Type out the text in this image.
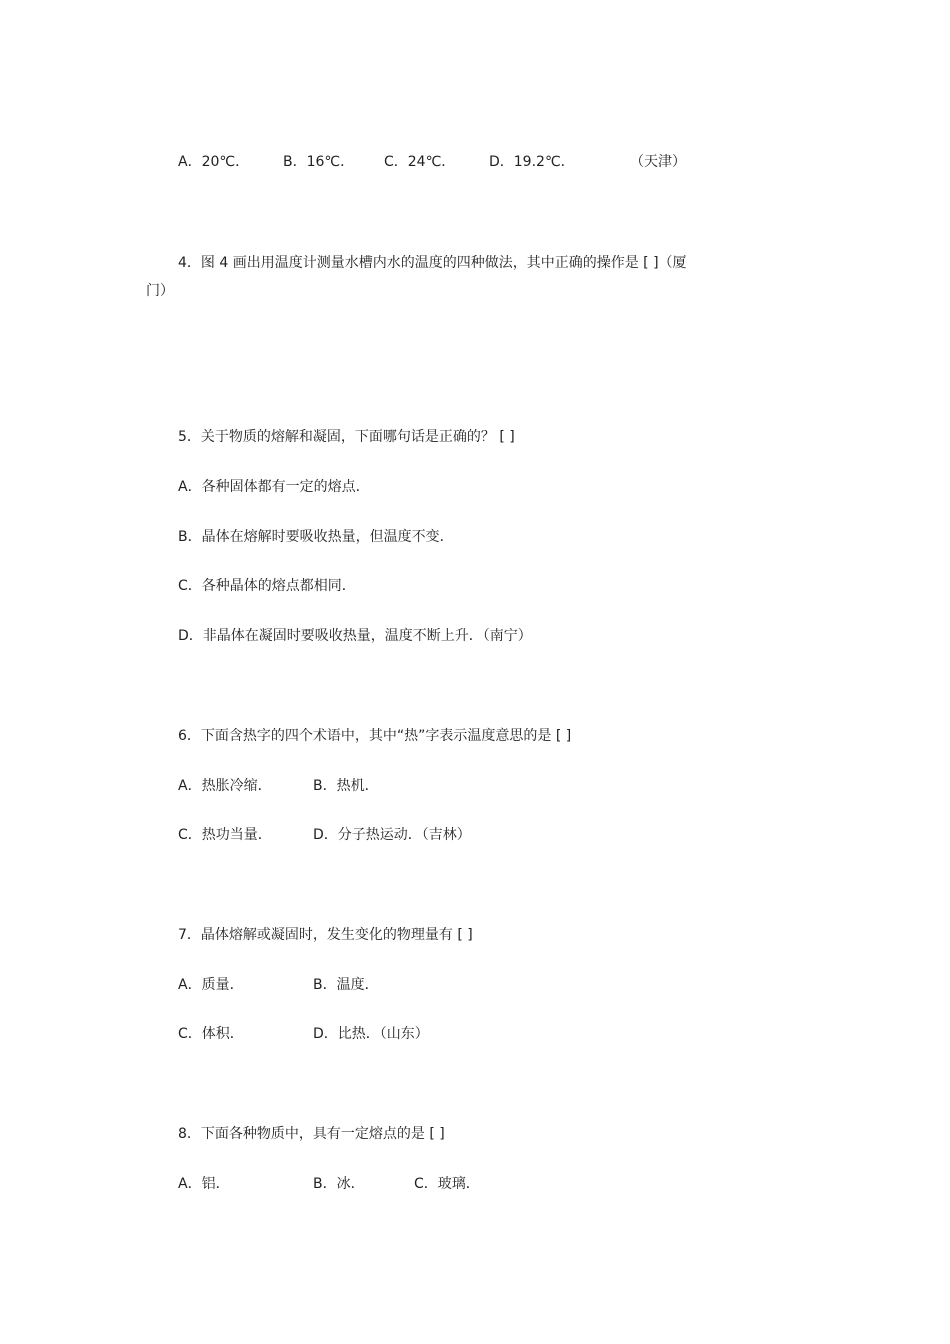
A．20℃． B．16℃． C．24℃． D．19.2℃．	（天津）
4．图 4 画出用温度计测量水槽内水的温度的四种做法，其中正确的操作是 [ ]（厦
门）
5．关于物质的熔解和凝固，下面哪句话是正确的？ [ ]
A．各种固体都有一定的熔点．
B．晶体在熔解时要吸收热量，但温度不变．
C．各种晶体的熔点都相同．
D．非晶体在凝固时要吸收热量，温度不断上升．（南宁）
6．下面含热字的四个术语中，其中“热”字表示温度意思的是 [ ]
A．热胀冷缩．	B．热机．
C．热功当量．	D．分子热运动．（吉林）
7．晶体熔解或凝固时，发生变化的物理量有 [ ]
A．质量．	B．温度．
C．体积．	D．比热．（山东）
8．下面各种物质中，具有一定熔点的是 [ ]
A．铝．	B．冰．	C．玻璃．
